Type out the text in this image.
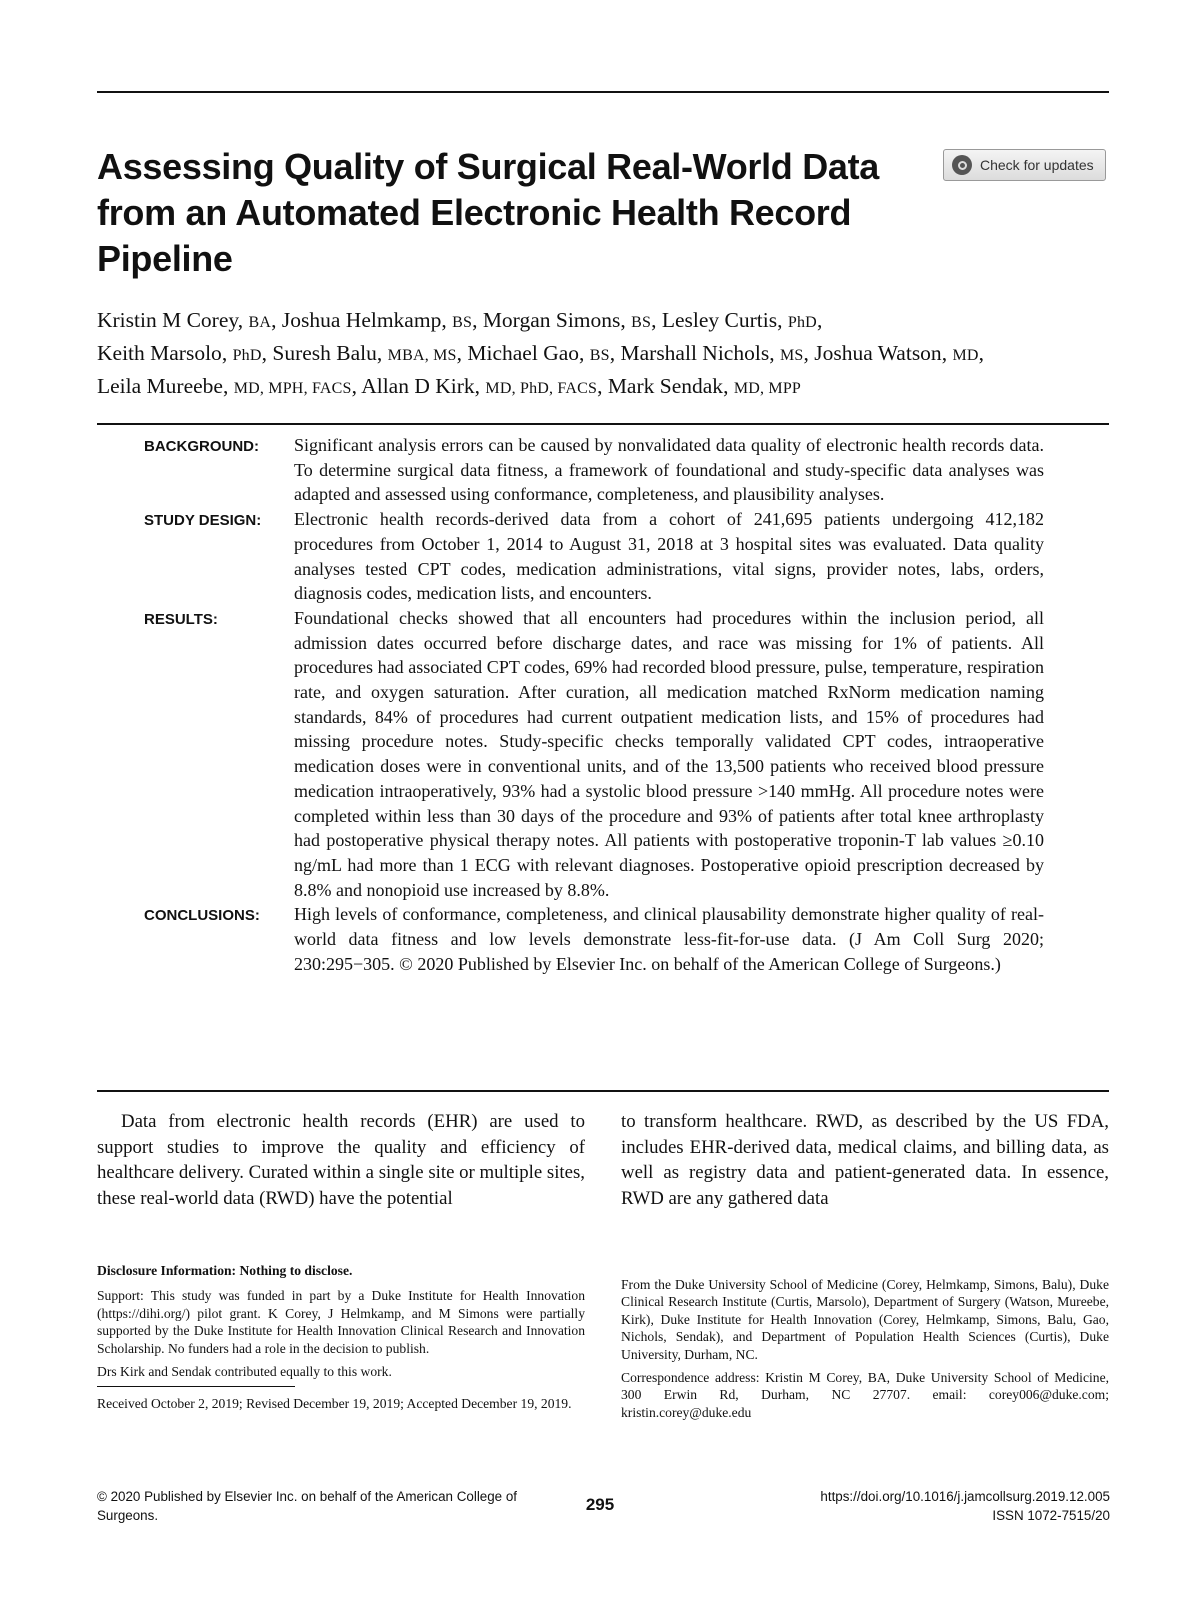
Assessing Quality of Surgical Real-World Data from an Automated Electronic Health Record Pipeline
Check for updates
Kristin M Corey, BA, Joshua Helmkamp, BS, Morgan Simons, BS, Lesley Curtis, PhD,
Keith Marsolo, PhD, Suresh Balu, MBA, MS, Michael Gao, BS, Marshall Nichols, MS, Joshua Watson, MD,
Leila Mureebe, MD, MPH, FACS, Allan D Kirk, MD, PhD, FACS, Mark Sendak, MD, MPP
BACKGROUND:	Significant analysis errors can be caused by nonvalidated data quality of electronic health records data. To determine surgical data fitness, a framework of foundational and study-specific data analyses was adapted and assessed using conformance, completeness, and plausibility analyses.
STUDY DESIGN:	Electronic health records-derived data from a cohort of 241,695 patients undergoing 412,182 procedures from October 1, 2014 to August 31, 2018 at 3 hospital sites was evaluated. Data quality analyses tested CPT codes, medication administrations, vital signs, provider notes, labs, orders, diagnosis codes, medication lists, and encounters.
RESULTS:	Foundational checks showed that all encounters had procedures within the inclusion period, all admission dates occurred before discharge dates, and race was missing for 1% of patients. All procedures had associated CPT codes, 69% had recorded blood pressure, pulse, temperature, respiration rate, and oxygen saturation. After curation, all medication matched RxNorm medication naming standards, 84% of procedures had current outpatient medication lists, and 15% of procedures had missing procedure notes. Study-specific checks temporally validated CPT codes, intraoperative medication doses were in conventional units, and of the 13,500 patients who received blood pressure medication intraoperatively, 93% had a systolic blood pressure >140 mmHg. All procedure notes were completed within less than 30 days of the procedure and 93% of patients after total knee arthroplasty had postoperative physical therapy notes. All patients with postoperative troponin-T lab values ≥0.10 ng/mL had more than 1 ECG with relevant diagnoses. Postoperative opioid prescription decreased by 8.8% and nonopioid use increased by 8.8%.
CONCLUSIONS:	High levels of conformance, completeness, and clinical plausability demonstrate higher quality of real-world data fitness and low levels demonstrate less-fit-for-use data. (J Am Coll Surg 2020; 230:295−305. © 2020 Published by Elsevier Inc. on behalf of the American College of Surgeons.)
Data from electronic health records (EHR) are used to support studies to improve the quality and efficiency of healthcare delivery. Curated within a single site or multiple sites, these real-world data (RWD) have the potential
to transform healthcare. RWD, as described by the US FDA, includes EHR-derived data, medical claims, and billing data, as well as registry data and patient-generated data. In essence, RWD are any gathered data

Disclosure Information: Nothing to disclose.

Support: This study was funded in part by a Duke Institute for Health Innovation (https://dihi.org/) pilot grant. K Corey, J Helmkamp, and M Simons were partially supported by the Duke Institute for Health Innovation Clinical Research and Innovation Scholarship. No funders had a role in the decision to publish.

Drs Kirk and Sendak contributed equally to this work.

Received October 2, 2019; Revised December 19, 2019; Accepted December 19, 2019.

From the Duke University School of Medicine (Corey, Helmkamp, Simons, Balu), Duke Clinical Research Institute (Curtis, Marsolo), Department of Surgery (Watson, Mureebe, Kirk), Duke Institute for Health Innovation (Corey, Helmkamp, Simons, Balu, Gao, Nichols, Sendak), and Department of Population Health Sciences (Curtis), Duke University, Durham, NC.

Correspondence address: Kristin M Corey, BA, Duke University School of Medicine, 300 Erwin Rd, Durham, NC 27707. email: corey006@duke.com; kristin.corey@duke.edu

© 2020 Published by Elsevier Inc. on behalf of the American College of Surgeons.
295	https://doi.org/10.1016/j.jamcollsurg.2019.12.005
ISSN 1072-7515/20
